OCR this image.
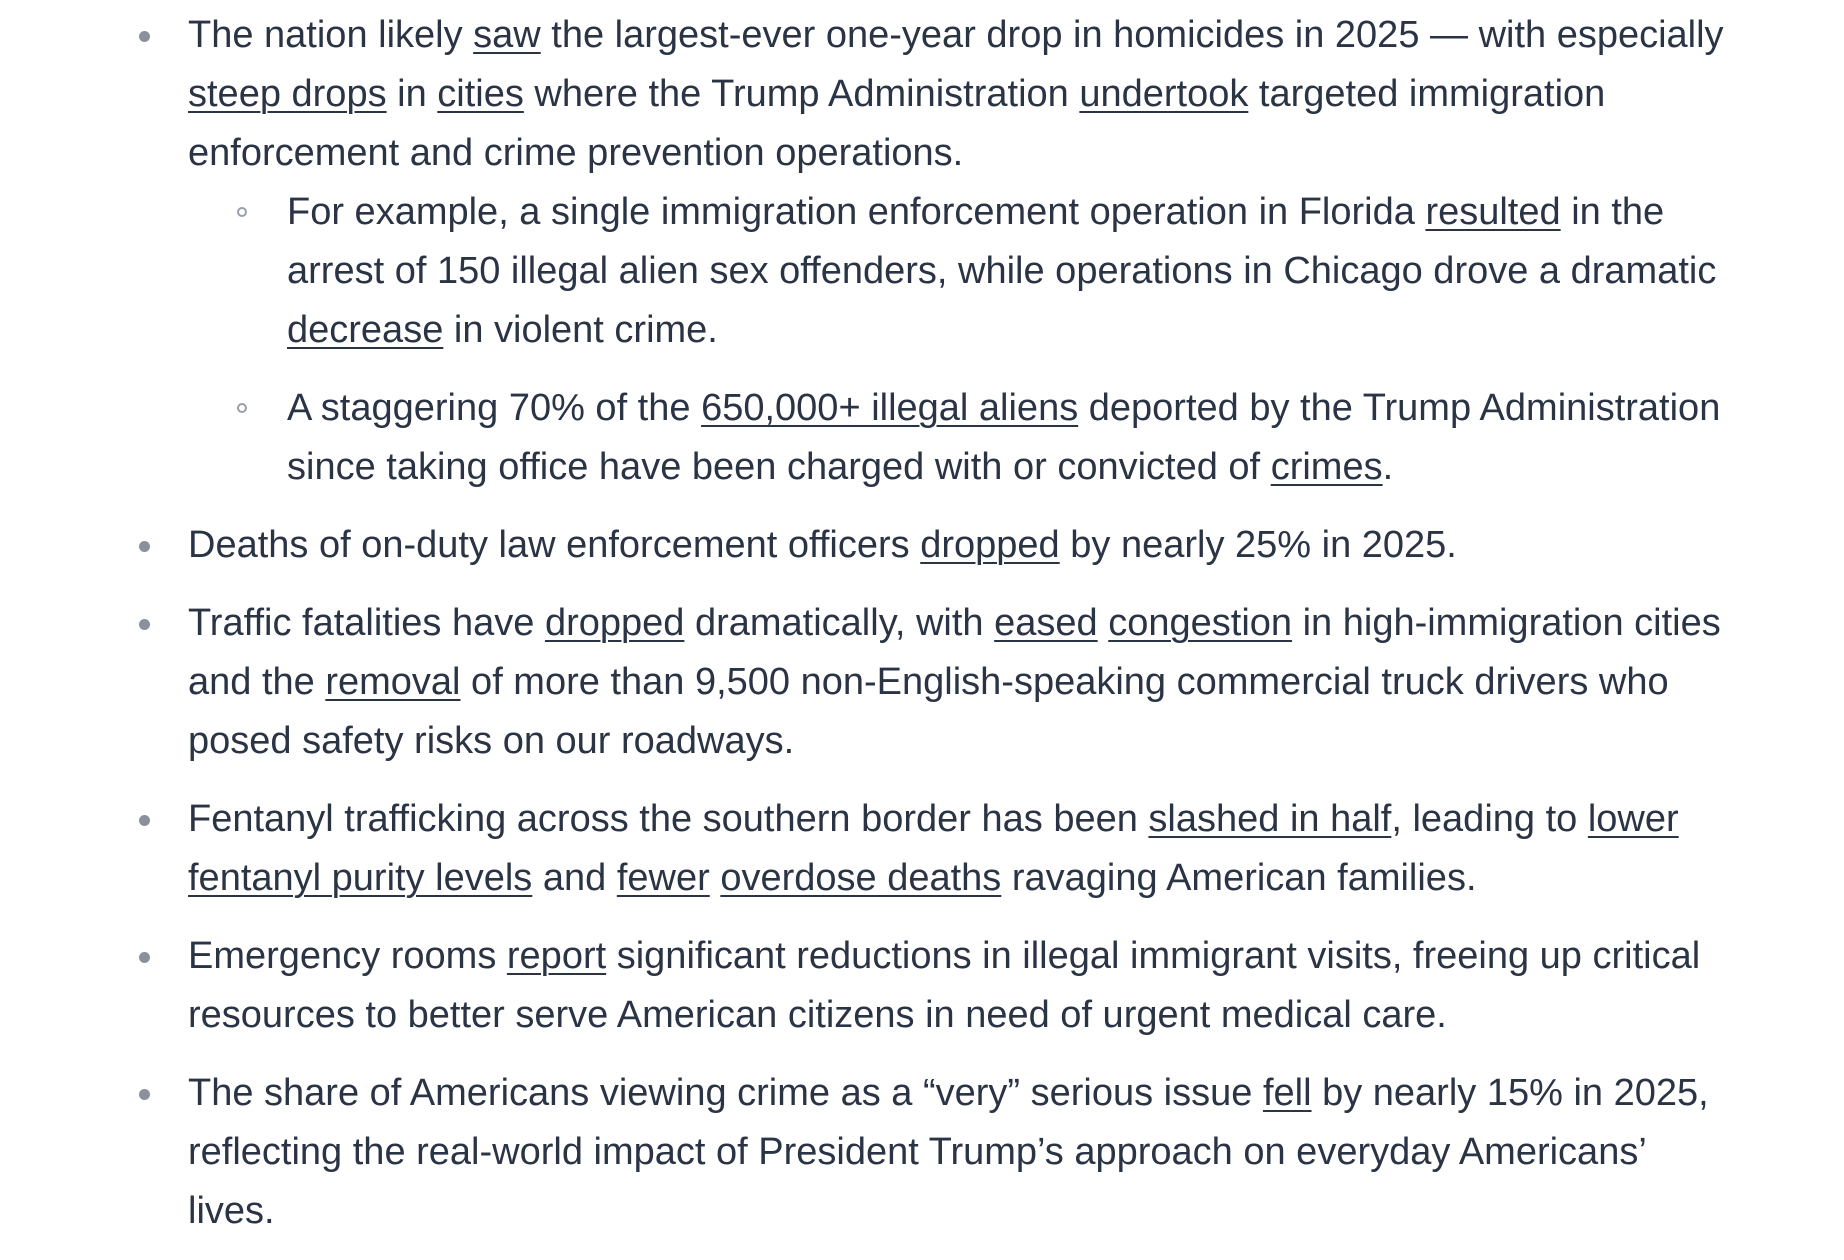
The nation likely saw the largest-ever one-year drop in homicides in 2025 — with especially steep drops in cities where the Trump Administration undertook targeted immigration enforcement and crime prevention operations.
For example, a single immigration enforcement operation in Florida resulted in the arrest of 150 illegal alien sex offenders, while operations in Chicago drove a dramatic decrease in violent crime.
A staggering 70% of the 650,000+ illegal aliens deported by the Trump Administration since taking office have been charged with or convicted of crimes.
Deaths of on-duty law enforcement officers dropped by nearly 25% in 2025.
Traffic fatalities have dropped dramatically, with eased congestion in high-immigration cities and the removal of more than 9,500 non-English-speaking commercial truck drivers who posed safety risks on our roadways.
Fentanyl trafficking across the southern border has been slashed in half, leading to lower fentanyl purity levels and fewer overdose deaths ravaging American families.
Emergency rooms report significant reductions in illegal immigrant visits, freeing up critical resources to better serve American citizens in need of urgent medical care.
The share of Americans viewing crime as a “very” serious issue fell by nearly 15% in 2025, reflecting the real-world impact of President Trump’s approach on everyday Americans’ lives.
